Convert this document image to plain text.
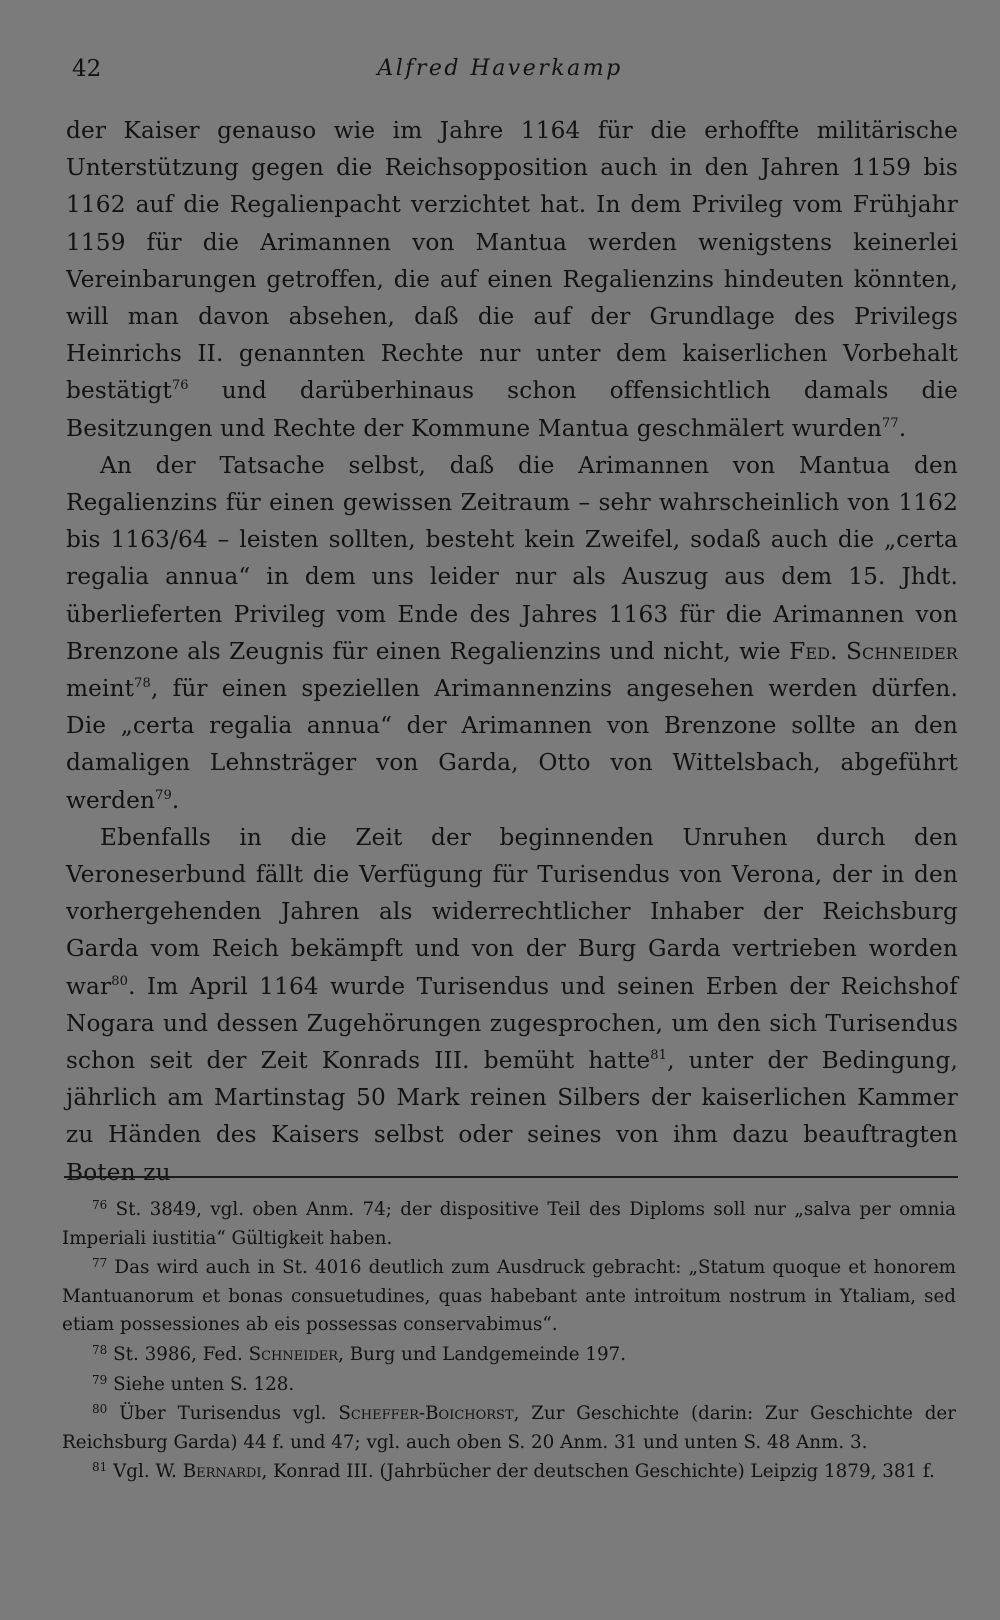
42	Alfred Haverkamp

der Kaiser genauso wie im Jahre 1164 für die erhoffte militärische Unterstützung gegen die Reichsopposition auch in den Jahren 1159 bis 1162 auf die Regalienpacht verzichtet hat. In dem Privileg vom Frühjahr 1159 für die Arimannen von Mantua werden wenigstens keinerlei Vereinbarungen getroffen, die auf einen Regalienzins hindeuten könnten, will man davon absehen, daß die auf der Grundlage des Privilegs Heinrichs II. genannten Rechte nur unter dem kaiserlichen Vorbehalt bestätigt$^{76}$ und darüberhinaus schon offensichtlich damals die Besitzungen und Rechte der Kommune Mantua geschmälert wurden$^{77}$.

An der Tatsache selbst, daß die Arimannen von Mantua den Regalienzins für einen gewissen Zeitraum – sehr wahrscheinlich von 1162 bis 1163/64 – leisten sollten, besteht kein Zweifel, sodaß auch die „certa regalia annua“ in dem uns leider nur als Auszug aus dem 15. Jhdt. überlieferten Privileg vom Ende des Jahres 1163 für die Arimannen von Brenzone als Zeugnis für einen Regalienzins und nicht, wie Fed. Schneider meint$^{78}$, für einen speziellen Arimannenzins angesehen werden dürfen. Die „certa regalia annua“ der Arimannen von Brenzone sollte an den damaligen Lehnsträger von Garda, Otto von Wittelsbach, abgeführt werden$^{79}$.

Ebenfalls in die Zeit der beginnenden Unruhen durch den Veroneserbund fällt die Verfügung für Turisendus von Verona, der in den vorhergehenden Jahren als widerrechtlicher Inhaber der Reichsburg Garda vom Reich bekämpft und von der Burg Garda vertrieben worden war$^{80}$. Im April 1164 wurde Turisendus und seinen Erben der Reichshof Nogara und dessen Zugehörungen zugesprochen, um den sich Turisendus schon seit der Zeit Konrads III. bemüht hatte$^{81}$, unter der Bedingung, jährlich am Martinstag 50 Mark reinen Silbers der kaiserlichen Kammer zu Händen des Kaisers selbst oder seines von ihm dazu beauftragten Boten zu

$^{76}$ St. 3849, vgl. oben Anm. 74; der dispositive Teil des Diploms soll nur „salva per omnia Imperiali iustitia“ Gültigkeit haben.

$^{77}$ Das wird auch in St. 4016 deutlich zum Ausdruck gebracht: „Statum quoque et honorem Mantuanorum et bonas consuetudines, quas habebant ante introitum nostrum in Ytaliam, sed etiam possessiones ab eis possessas conservabimus“.

$^{78}$ St. 3986, Fed. Schneider, Burg und Landgemeinde 197.

$^{79}$ Siehe unten S. 128.

$^{80}$ Über Turisendus vgl. Scheffer-Boichorst, Zur Geschichte (darin: Zur Geschichte der Reichsburg Garda) 44 f. und 47; vgl. auch oben S. 20 Anm. 31 und unten S. 48 Anm. 3.

$^{81}$ Vgl. W. Bernardi, Konrad III. (Jahrbücher der deutschen Geschichte) Leipzig 1879, 381 f.
